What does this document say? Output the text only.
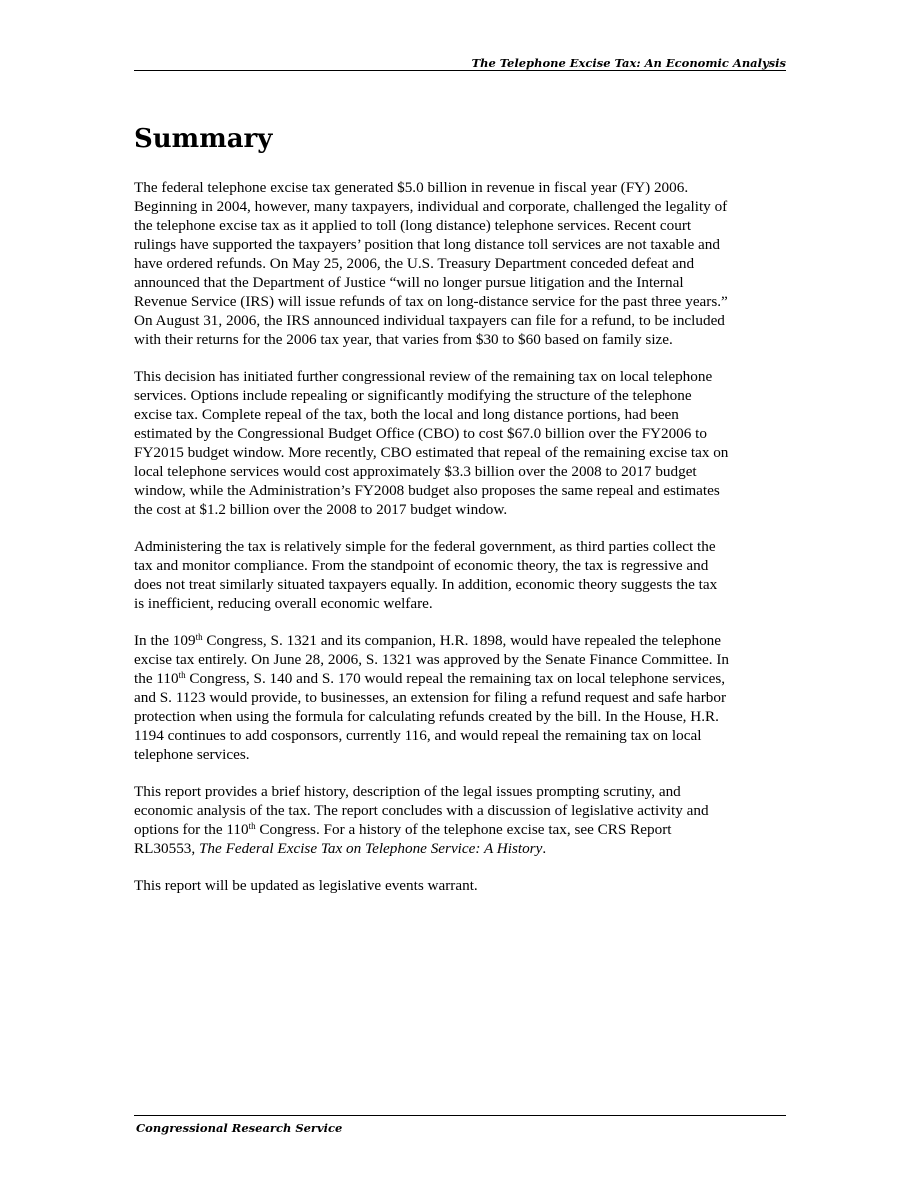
The Telephone Excise Tax: An Economic Analysis
Summary

The federal telephone excise tax generated $5.0 billion in revenue in fiscal year (FY) 2006.
Beginning in 2004, however, many taxpayers, individual and corporate, challenged the legality of
the telephone excise tax as it applied to toll (long distance) telephone services. Recent court
rulings have supported the taxpayers’ position that long distance toll services are not taxable and
have ordered refunds. On May 25, 2006, the U.S. Treasury Department conceded defeat and
announced that the Department of Justice “will no longer pursue litigation and the Internal
Revenue Service (IRS) will issue refunds of tax on long-distance service for the past three years.”
On August 31, 2006, the IRS announced individual taxpayers can file for a refund, to be included
with their returns for the 2006 tax year, that varies from $30 to $60 based on family size.

This decision has initiated further congressional review of the remaining tax on local telephone
services. Options include repealing or significantly modifying the structure of the telephone
excise tax. Complete repeal of the tax, both the local and long distance portions, had been
estimated by the Congressional Budget Office (CBO) to cost $67.0 billion over the FY2006 to
FY2015 budget window. More recently, CBO estimated that repeal of the remaining excise tax on
local telephone services would cost approximately $3.3 billion over the 2008 to 2017 budget
window, while the Administration’s FY2008 budget also proposes the same repeal and estimates
the cost at $1.2 billion over the 2008 to 2017 budget window.

Administering the tax is relatively simple for the federal government, as third parties collect the
tax and monitor compliance. From the standpoint of economic theory, the tax is regressive and
does not treat similarly situated taxpayers equally. In addition, economic theory suggests the tax
is inefficient, reducing overall economic welfare.

In the 109th Congress, S. 1321 and its companion, H.R. 1898, would have repealed the telephone
excise tax entirely. On June 28, 2006, S. 1321 was approved by the Senate Finance Committee. In
the 110th Congress, S. 140 and S. 170 would repeal the remaining tax on local telephone services,
and S. 1123 would provide, to businesses, an extension for filing a refund request and safe harbor
protection when using the formula for calculating refunds created by the bill. In the House, H.R.
1194 continues to add cosponsors, currently 116, and would repeal the remaining tax on local
telephone services.

This report provides a brief history, description of the legal issues prompting scrutiny, and
economic analysis of the tax. The report concludes with a discussion of legislative activity and
options for the 110th Congress. For a history of the telephone excise tax, see CRS Report
RL30553, The Federal Excise Tax on Telephone Service: A History.

This report will be updated as legislative events warrant.

Congressional Research Service
